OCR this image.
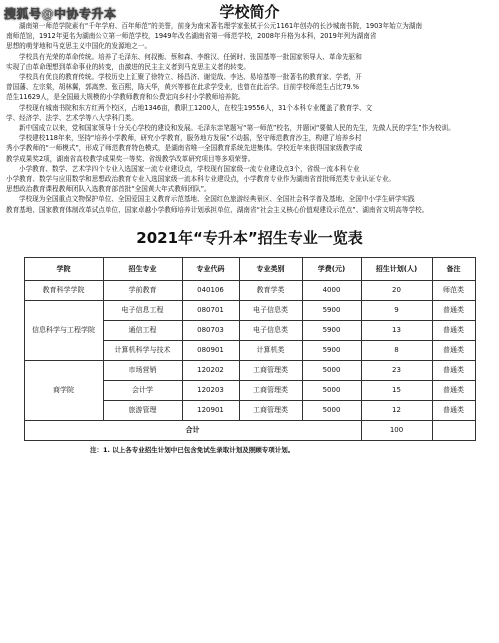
搜狐号@中协专升本	学校简介

湖南第一师范学院素有“千年学府、百年师范”的美誉，前身为南宋著名理学家张栻于公元1161年创办的长沙城南书院，1903年始立为湖南

南师范馆，1912年更名为湖南公立第一师范学校，1949年改名湖南省第一师范学校，2008年升格为本科，2019年列为湖南省

思想的萌芽地和马克思主义中国化的发源地之一。

学校具有光荣的革命传统。培养了毛泽东、何叔衡、蔡和森、李维汉、任弼时、张国基等一批国家领导人、革命先驱和

实现了由革命理想到革命事业的转变，由激进的民主主义者到马克思主义者的转变。

学校具有优良的教育传统。学校历史上汇聚了徐特立、杨昌济、谢觉哉、李达、易培基等一批著名的教育家、学者，开

曾国藩、左宗棠，胡林翼，郭嵩焘、张百熙，陈天华，黄兴等都在此求学受业，也曾在此治学。目前学校师范生占比79.%

范生11629人，是全国最大规模的小学教师教育和公费定向乡村小学教师培养院。

学校现有城南书院和东方红两个校区，占地1346亩，教职工1200人，在校生19556人，31个本科专业覆盖了教育学、文

学、经济学、法学、艺术学等八大学科门类。

新中国成立以来，党和国家领导十分关心学校的建设和发展。毛泽东亲笔题写“第一师范”校名，并题词“要做人民的先生，先做人民的学生”作为校训。

学校建校118年来，坚持“培养小学教师，研究小学教育，服务地方发展”不动摇，坚守师范教育沙主，构建了培养乡村

秀小学教师的“一师模式”，形成了师范教育特色模式，是湖南省唯一全国教育系统先进集体。学校近年来获得国家级教学成

教学成果奖2项，湖南省高校教学成果奖一等奖、省级教学改革研究项目等多项荣誉。

小学教育、数学、艺术学四个专业入选国家一流专业建设点，学校现有国家级一流专业建设点3个，省级一流本科专业

小学教育、数学与应用数学和思想政治教育专业入选国家级一流本科专业建设点，小学教育专业作为湖南省首批师范类专业认证专业。

思想政治教育课程教师团队入选教育部首批“全国黄大年式教师团队”。

学校现为全国重点文物保护单位、全国爱国主义教育示范基地、全国红色旅游经典景区、全国社会科学普及基地、全国中小学生研学实践

教育基地、国家教育体制改革试点单位、国家卓越小学教师培养计划承担单位、湖南省“社会主义核心价值观建设示范点”、湖南省文明高等学校。

2021年“专升本”招生专业一览表
学院	招生专业	专业代码	专业类别	学费(元)	招生计划(人)	备注
教育科学学院	学前教育	040106	教育学类	4000	20	师范类
信息科学与工程学院	电子信息工程	080701	电子信息类	5900	9	普通类
	通信工程	080703	电子信息类	5900	13	普通类
	计算机科学与技术	080901	计算机类	5900	8	普通类
商学院	市场营销	120202	工商管理类	5000	23	普通类
	会计学	120203	工商管理类	5000	15	普通类
	旅游管理	120901	工商管理类	5000	12	普通类
合计					100	
注：1. 以上各专业招生计划中已包含免试生录取计划及照顾专项计划。
